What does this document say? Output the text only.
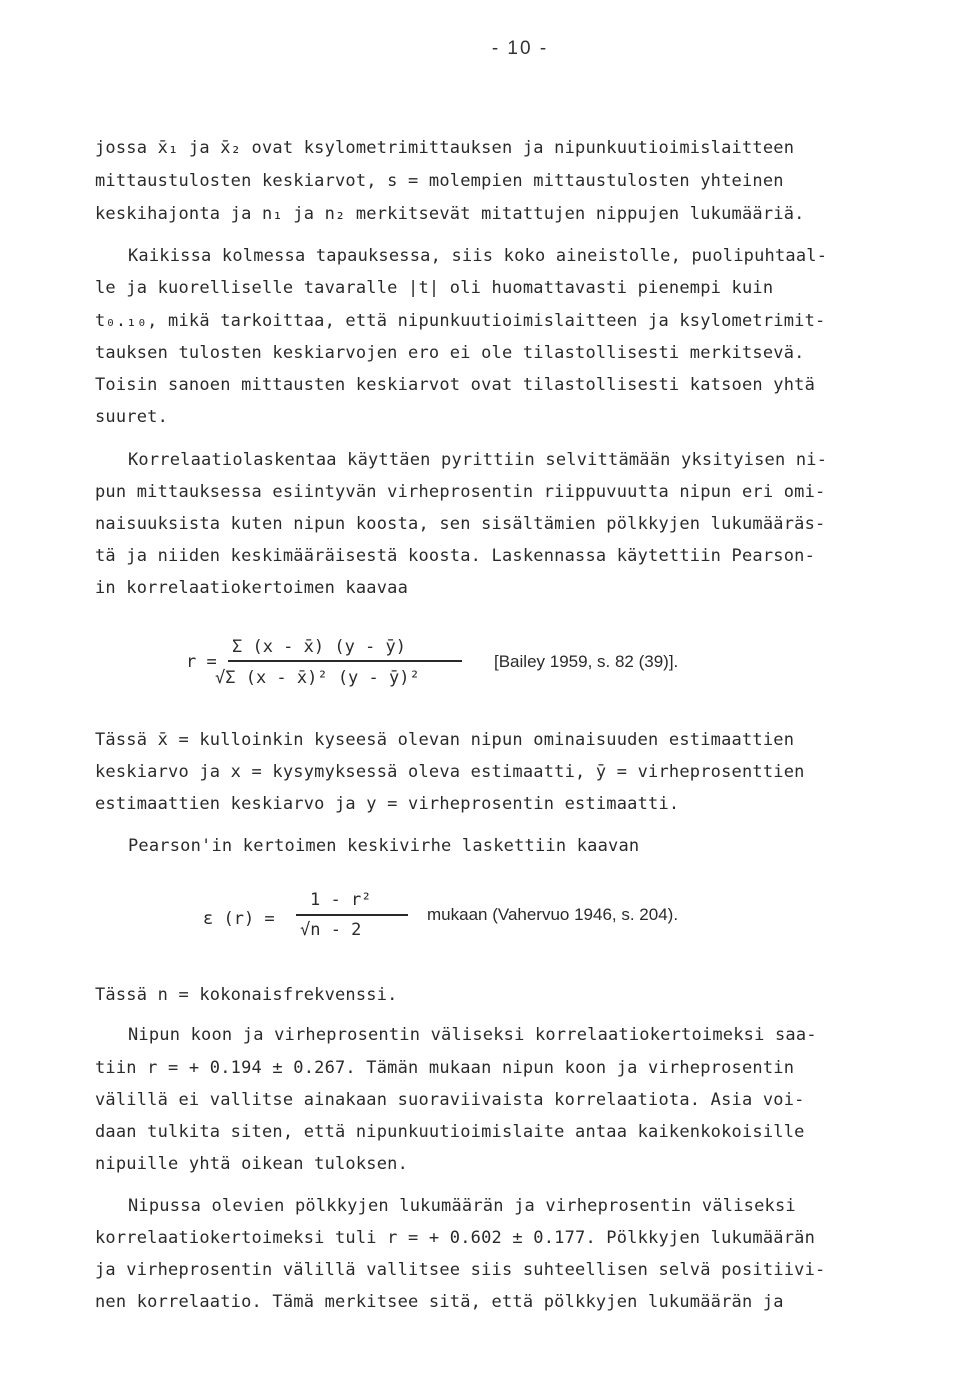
- 10 -
jossa x̄₁ ja x̄₂ ovat ksylometrimittauksen ja nipunkuutioimislaitteen
mittaustulosten keskiarvot, s = molempien mittaustulosten yhteinen
keskihajonta ja n₁ ja n₂ merkitsevät mitattujen nippujen lukumääriä.
Kaikissa kolmessa tapauksessa, siis koko aineistolle, puolipuhtaal-
le ja kuorelliselle tavaralle |t| oli huomattavasti pienempi kuin
t₀.₁₀, mikä tarkoittaa, että nipunkuutioimislaitteen ja ksylometrimit-
tauksen tulosten keskiarvojen ero ei ole tilastollisesti merkitsevä.
Toisin sanoen mittausten keskiarvot ovat tilastollisesti katsoen yhtä
suuret.
Korrelaatiolaskentaa käyttäen pyrittiin selvittämään yksityisen ni-
pun mittauksessa esiintyvän virheprosentin riippuvuutta nipun eri omi-
naisuuksista kuten nipun koosta, sen sisältämien pölkkyjen lukumääräs-
tä ja niiden keskimääräisestä koosta. Laskennassa käytettiin Pearson-
in korrelaatiokertoimen kaavaa
r =
Σ (x - x̄) (y - ȳ)
√Σ (x - x̄)² (y - ȳ)²
[Bailey 1959, s. 82 (39)].
Tässä x̄ = kulloinkin kyseesä olevan nipun ominaisuuden estimaattien
keskiarvo ja x = kysymyksessä oleva estimaatti, ȳ = virheprosenttien
estimaattien keskiarvo ja y = virheprosentin estimaatti.
Pearson'in kertoimen keskivirhe laskettiin kaavan
ε (r) =
1 - r²
√n - 2
mukaan (Vahervuo 1946, s. 204).
Tässä n = kokonaisfrekvenssi.
Nipun koon ja virheprosentin väliseksi korrelaatiokertoimeksi saa-
tiin r = + 0.194 ± 0.267. Tämän mukaan nipun koon ja virheprosentin
välillä ei vallitse ainakaan suoraviivaista korrelaatiota. Asia voi-
daan tulkita siten, että nipunkuutioimislaite antaa kaikenkokoisille
nipuille yhtä oikean tuloksen.
Nipussa olevien pölkkyjen lukumäärän ja virheprosentin väliseksi
korrelaatiokertoimeksi tuli r = + 0.602 ± 0.177. Pölkkyjen lukumäärän
ja virheprosentin välillä vallitsee siis suhteellisen selvä positiivi-
nen korrelaatio. Tämä merkitsee sitä, että pölkkyjen lukumäärän ja
